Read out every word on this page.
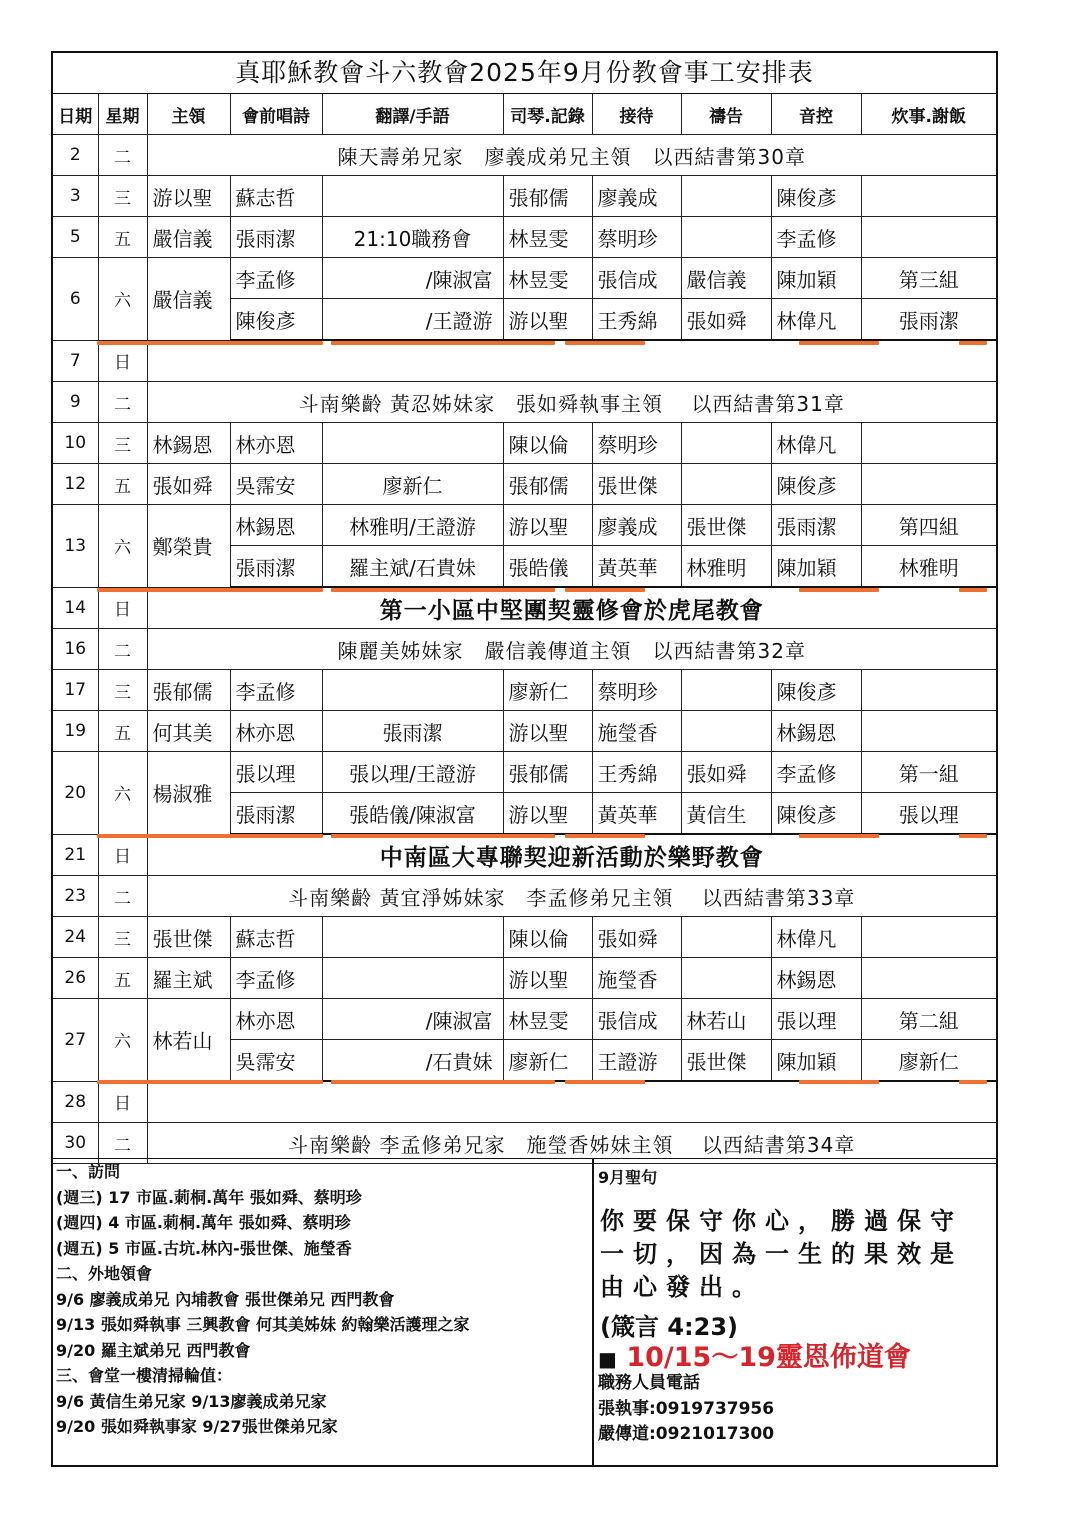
真耶穌教會斗六教會2025年9月份教會事工安排表
日期	星期	主領	會前唱詩	翻譯/手語	司琴.記錄	接待	禱告	音控	炊事.謝飯
2	二	陳天壽弟兄家　廖義成弟兄主領　以西結書第30章							
3	三	游以聖	蘇志哲		張郁儒	廖義成		陳俊彥	
5	五	嚴信義	張雨潔	21:10職務會	林昱雯	蔡明珍		李孟修	
6	六	嚴信義	李孟修	/陳淑富	林昱雯	張信成	嚴信義	陳加穎	第三組
			陳俊彥	/王證游	游以聖	王秀綿	張如舜	林偉凡	張雨潔
7	日								
9	二	斗南樂齡 黃忍姊妹家　張如舜執事主領　 以西結書第31章							
10	三	林錫恩	林亦恩		陳以倫	蔡明珍		林偉凡	
12	五	張如舜	吳霈安	廖新仁	張郁儒	張世傑		陳俊彥	
13	六	鄭榮貴	林錫恩	林雅明/王證游	游以聖	廖義成	張世傑	張雨潔	第四組
			張雨潔	羅主斌/石貴妹	張皓儀	黃英華	林雅明	陳加穎	林雅明
14	日	第一小區中堅團契靈修會於虎尾教會							
16	二	陳麗美姊妹家　嚴信義傳道主領　以西結書第32章							
17	三	張郁儒	李孟修		廖新仁	蔡明珍		陳俊彥	
19	五	何其美	林亦恩	張雨潔	游以聖	施瑩香		林錫恩	
20	六	楊淑雅	張以理	張以理/王證游	張郁儒	王秀綿	張如舜	李孟修	第一組
			張雨潔	張皓儀/陳淑富	游以聖	黃英華	黃信生	陳俊彥	張以理
21	日	中南區大專聯契迎新活動於樂野教會							
23	二	斗南樂齡 黃宜淨姊妹家　李孟修弟兄主領　 以西結書第33章							
24	三	張世傑	蘇志哲		陳以倫	張如舜		林偉凡	
26	五	羅主斌	李孟修		游以聖	施瑩香		林錫恩	
27	六	林若山	林亦恩	/陳淑富	林昱雯	張信成	林若山	張以理	第二組
			吳霈安	/石貴妹	廖新仁	王證游	張世傑	陳加穎	廖新仁
28	日								
30	二	斗南樂齡 李孟修弟兄家　施瑩香姊妹主領　 以西結書第34章							
一、訪問
(週三) 17 市區.莿桐.萬年 張如舜、蔡明珍
(週四) 4 市區.莿桐.萬年 張如舜、蔡明珍
(週五) 5 市區.古坑.林內-張世傑、施瑩香
二、外地領會
9/6 廖義成弟兄 內埔教會 張世傑弟兄 西門教會
9/13 張如舜執事 三興教會 何其美姊妹 約翰樂活護理之家
9/20 羅主斌弟兄 西門教會
三、會堂一樓清掃輪值：
9/6 黃信生弟兄家 9/13廖義成弟兄家
9/20 張如舜執事家 9/27張世傑弟兄家
9月聖句
你要保守你心，勝過保守一切，因為一生的果效是由心發出。
(箴言 4:23)
■ 10/15～19靈恩佈道會
職務人員電話
張執事:0919737956
嚴傳道:0921017300
